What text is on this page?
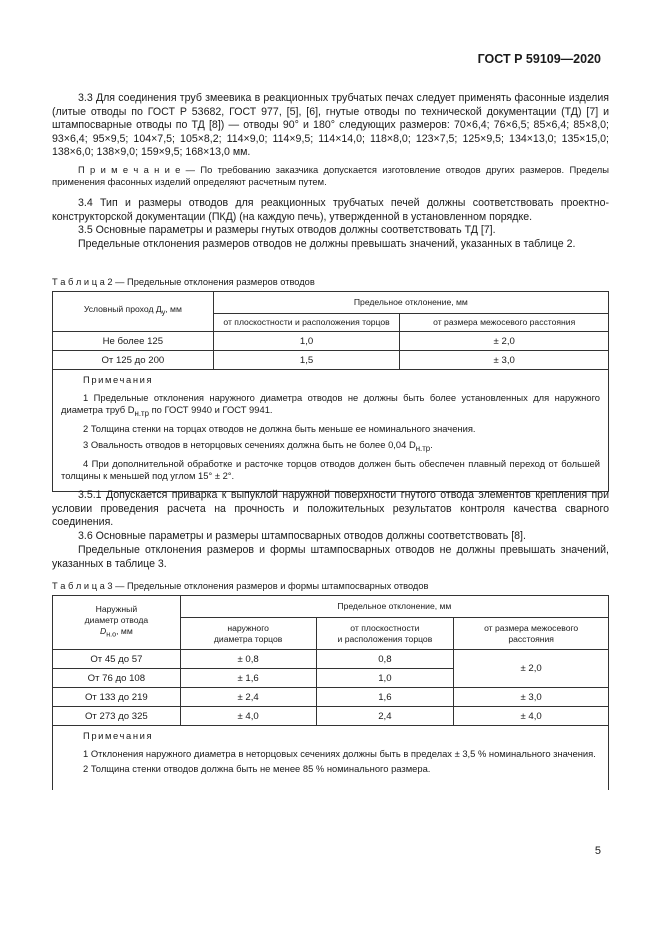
ГОСТ Р 59109—2020
3.3 Для соединения труб змеевика в реакционных трубчатых печах следует применять фасонные изделия (литые отводы по ГОСТ Р 53682, ГОСТ 977, [5], [6], гнутые отводы по технической документации (ТД) [7] и штампосварные отводы по ТД [8]) — отводы 90° и 180° следующих размеров: 70×6,4; 76×6,5; 85×6,4; 85×8,0; 93×6,4; 95×9,5; 104×7,5; 105×8,2; 114×9,0; 114×9,5; 114×14,0; 118×8,0; 123×7,5; 125×9,5; 134×13,0; 135×15,0; 138×6,0; 138×9,0; 159×9,5; 168×13,0 мм.
П р и м е ч а н и е — По требованию заказчика допускается изготовление отводов других размеров. Пределы применения фасонных изделий определяют расчетным путем.
3.4 Тип и размеры отводов для реакционных трубчатых печей должны соответствовать проектно-конструкторской документации (ПКД) (на каждую печь), утвержденной в установленном порядке.
3.5 Основные параметры и размеры гнутых отводов должны соответствовать ТД [7].
Предельные отклонения размеров отводов не должны превышать значений, указанных в таблице 2.
Т а б л и ц а 2 — Предельные отклонения размеров отводов
Условный проход $Д_у$, мм	Предельное отклонение, мм	
	от плоскостности и расположения торцов	от размера межосевого расстояния
Не более 125	1,0	± 2,0
От 125 до 200	1,5	± 3,0

Примечания

1 Предельные отклонения наружного диаметра отводов не должны быть более установленных для наружного диаметра труб $D_{н.тр}$ по ГОСТ 9940 и ГОСТ 9941.

2 Толщина стенки на торцах отводов не должна быть меньше ее номинального значения.

3 Овальность отводов в неторцовых сечениях должна быть не более 0,04 $D_{н.тр}$.

4 При дополнительной обработке и расточке торцов отводов должен быть обеспечен плавный переход от большей толщины к меньшей под углом 15° ± 2°.		

3.5.1 Допускается приварка к выпуклой наружной поверхности гнутого отвода элементов крепления при условии проведения расчета на прочность и положительных результатов контроля качества сварного соединения.
3.6 Основные параметры и размеры штампосварных отводов должны соответствовать [8].
Предельные отклонения размеров и формы штампосварных отводов не должны превышать значений, указанных в таблице 3.
Т а б л и ц а 3 — Предельные отклонения размеров и формы штампосварных отводов
Наружный
диаметр отвода
$D_{н.о}$, мм	Предельное отклонение, мм		
	наружного
диаметра торцов	от плоскостности
и расположения торцов	от размера межосевого
расстояния
От 45 до 57	± 0,8	0,8	± 2,0
От 76 до 108	± 1,6	1,0	
От 133 до 219	± 2,4	1,6	± 3,0
От 273 до 325	± 4,0	2,4	± 4,0

Примечания

1 Отклонения наружного диаметра в неторцовых сечениях должны быть в пределах ± 3,5 % номинального значения.

2 Толщина стенки отводов должна быть не менее 85 % номинального размера.			

5
